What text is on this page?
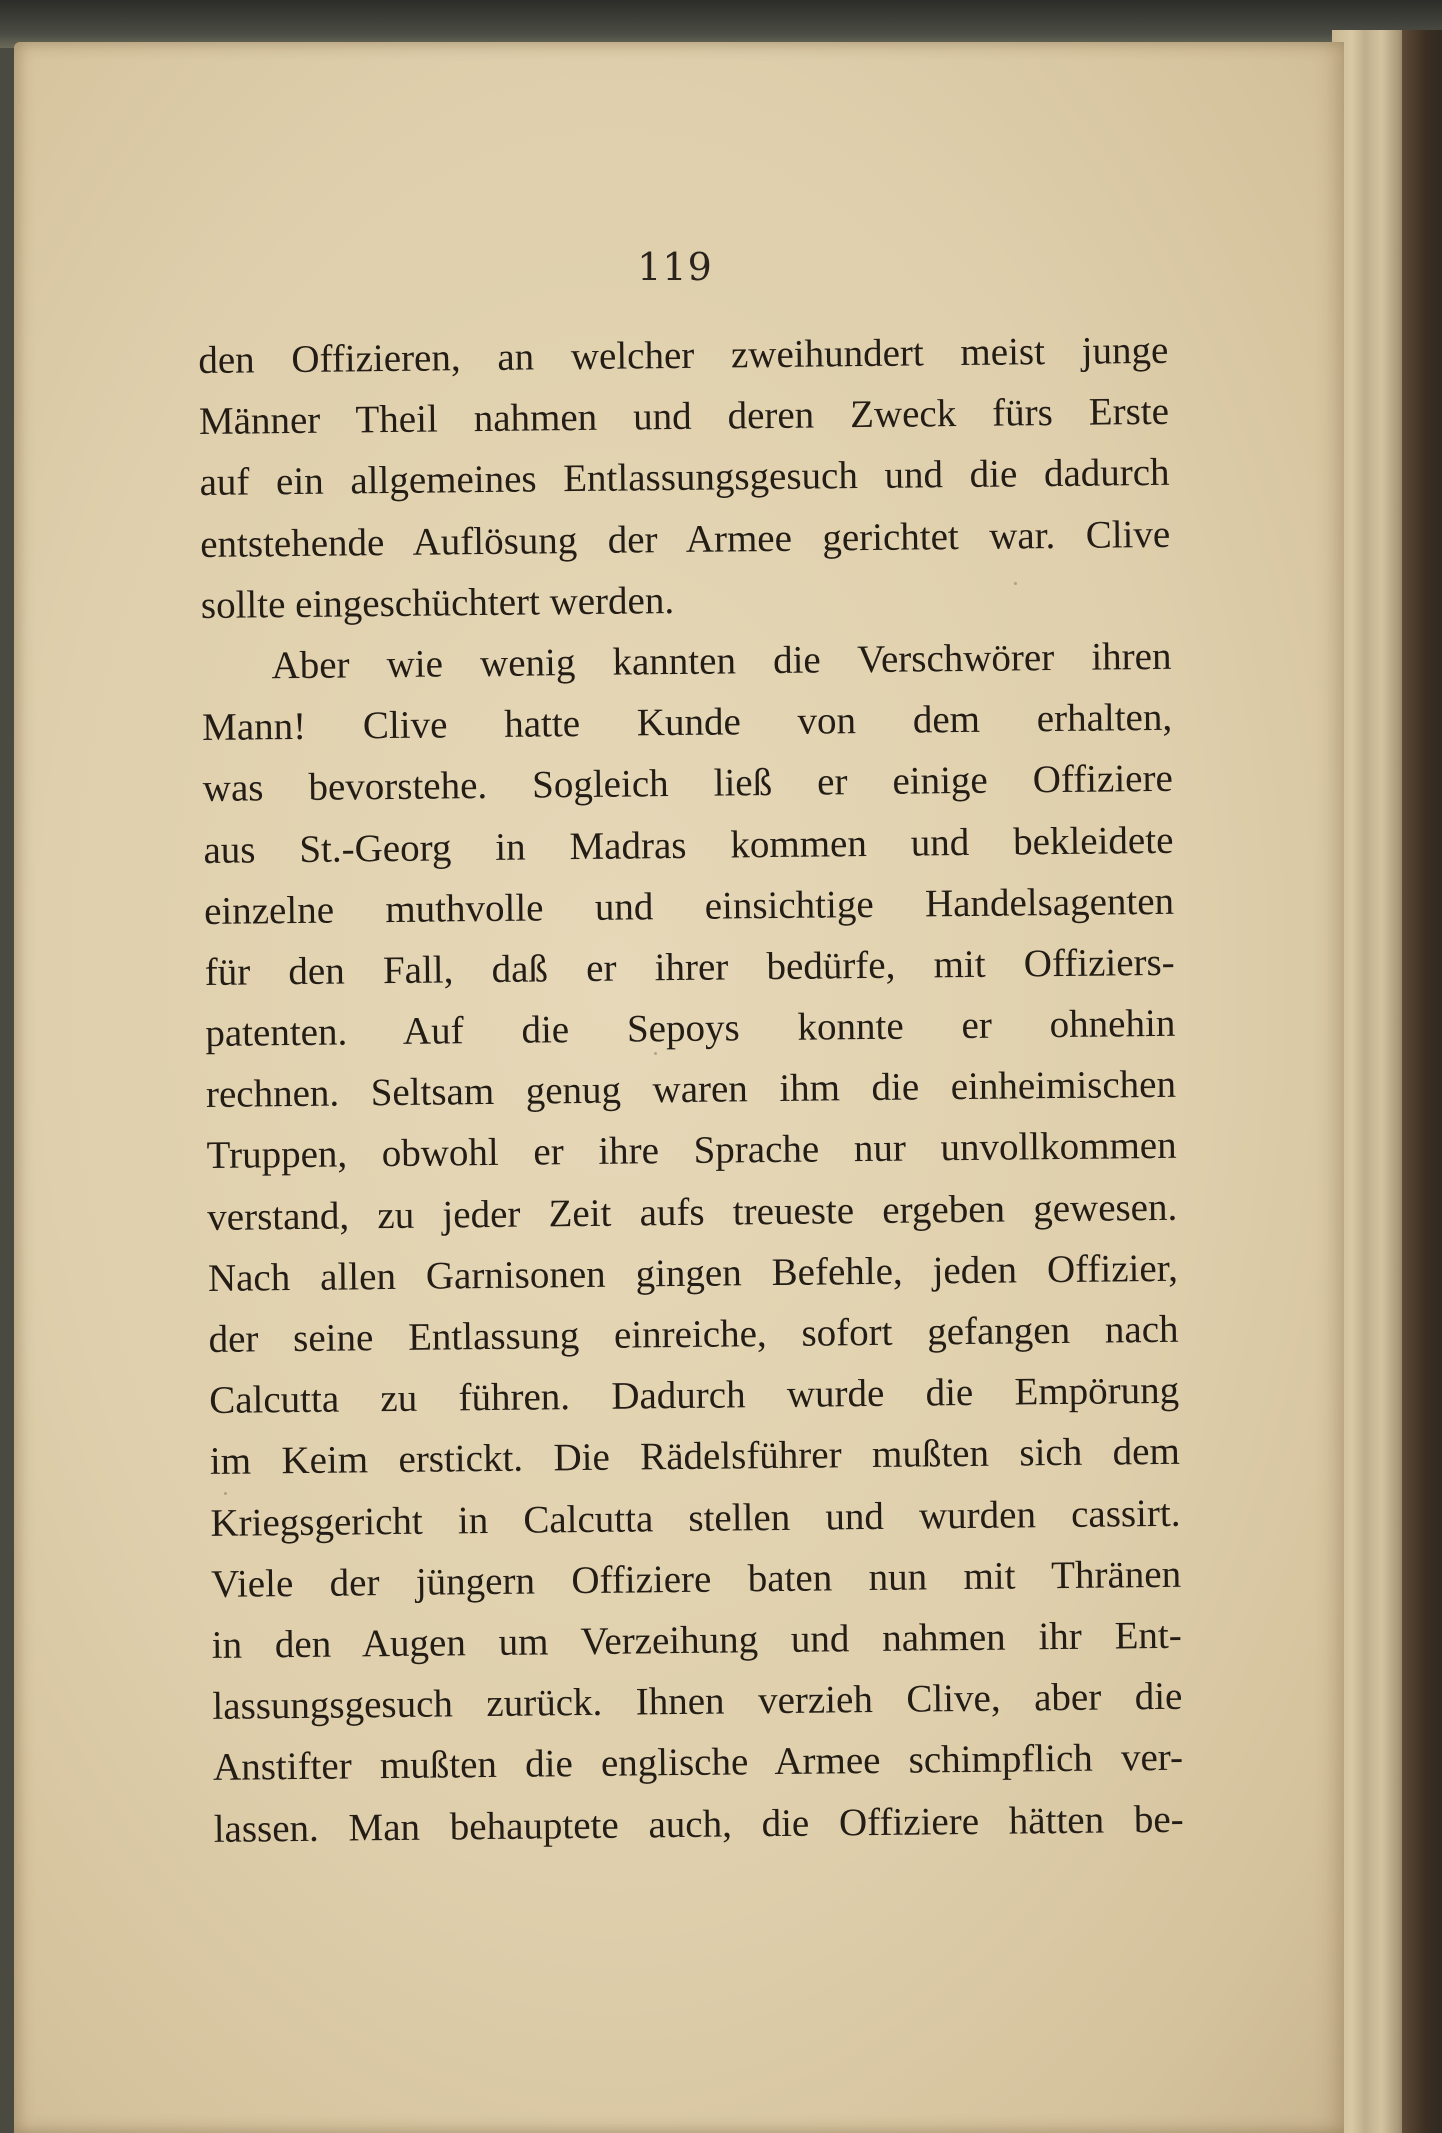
119
den Offizieren, an welcher zweihundert meist junge
Männer Theil nahmen und deren Zweck fürs Erste
auf ein allgemeines Entlassungsgesuch und die dadurch
entstehende Auflösung der Armee gerichtet war. Clive
sollte eingeschüchtert werden.
Aber wie wenig kannten die Verschwörer ihren
Mann! Clive hatte Kunde von dem erhalten,
was bevorstehe. Sogleich ließ er einige Offiziere
aus St.-Georg in Madras kommen und bekleidete
einzelne muthvolle und einsichtige Handelsagenten
für den Fall, daß er ihrer bedürfe, mit Offiziers-
patenten. Auf die Sepoys konnte er ohnehin
rechnen. Seltsam genug waren ihm die einheimischen
Truppen, obwohl er ihre Sprache nur unvollkommen
verstand, zu jeder Zeit aufs treueste ergeben gewesen.
Nach allen Garnisonen gingen Befehle, jeden Offizier,
der seine Entlassung einreiche, sofort gefangen nach
Calcutta zu führen. Dadurch wurde die Empörung
im Keim erstickt. Die Rädelsführer mußten sich dem
Kriegsgericht in Calcutta stellen und wurden cassirt.
Viele der jüngern Offiziere baten nun mit Thränen
in den Augen um Verzeihung und nahmen ihr Ent-
lassungsgesuch zurück. Ihnen verzieh Clive, aber die
Anstifter mußten die englische Armee schimpflich ver-
lassen. Man behauptete auch, die Offiziere hätten be-
